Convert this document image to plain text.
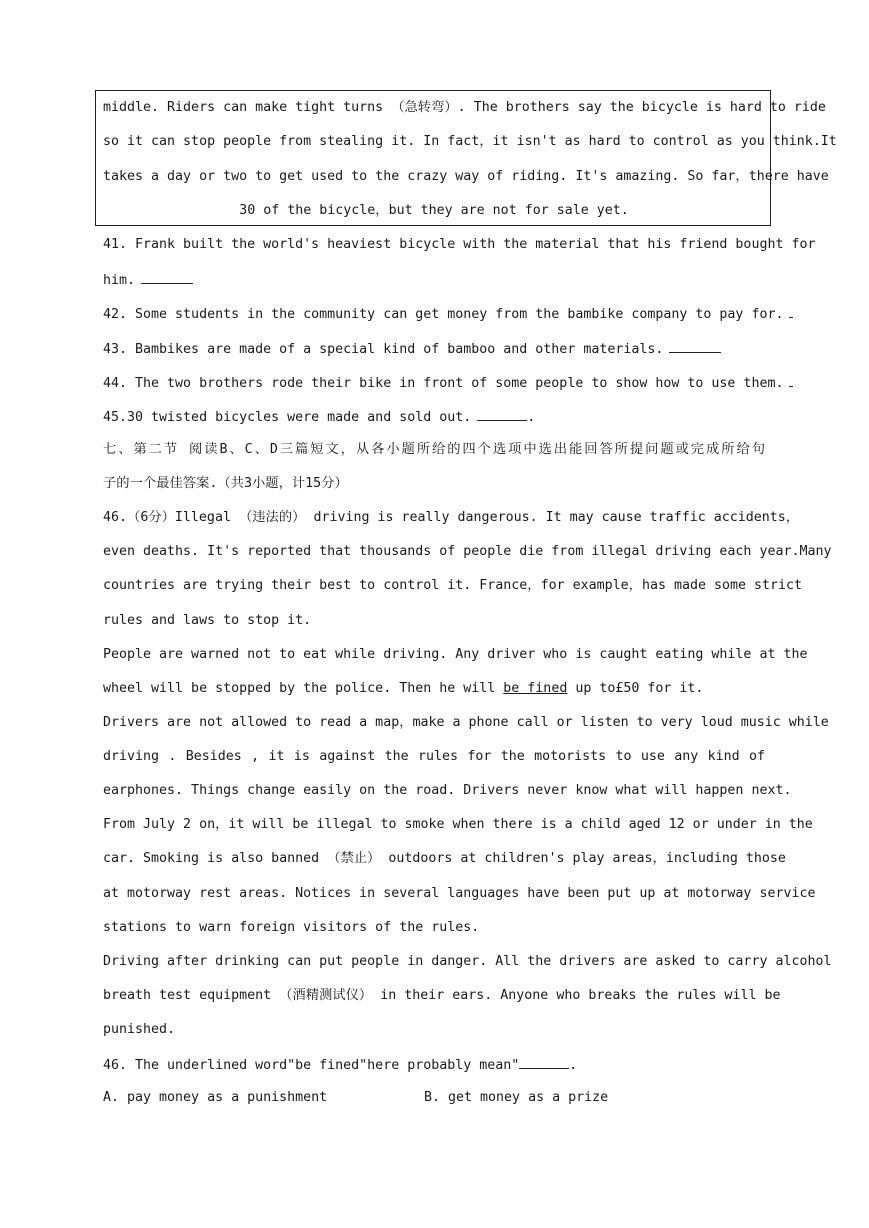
middle. Riders can make tight turns （急转弯）. The brothers say the bicycle is hard to ride
so it can stop people from stealing it. In fact，it isn't as hard to control as you think.It
takes a day or two to get used to the crazy way of riding. It's amazing. So far，there have
30 of the bicycle，but they are not for sale yet.
41. Frank built the world's heaviest bicycle with the material that his friend bought for
him.
42. Some students in the community can get money from the bambike company to pay for.
43. Bambikes are made of a special kind of bamboo and other materials.
44. The two brothers rode their bike in front of some people to show how to use them.
45.30 twisted bicycles were made and sold out.	.
七、第二节 阅读B、C、D三篇短文，从各小题所给的四个选项中选出能回答所提问题或完成所给句
子的一个最佳答案.（共3小题，计15分）
46.（6分）Illegal （违法的） driving is really dangerous. It may cause traffic accidents，
even deaths. It's reported that thousands of people die from illegal driving each year.Many
countries are trying their best to control it. France，for example，has made some strict
rules and laws to stop it.
People are warned not to eat while driving. Any driver who is caught eating while at the
wheel will be stopped by the police. Then he will be fined up to£50 for it.
Drivers are not allowed to read a map，make a phone call or listen to very loud music while
driving . Besides , it is against the rules for the motorists to use any kind of
earphones. Things change easily on the road. Drivers never know what will happen next.
From July 2 on，it will be illegal to smoke when there is a child aged 12 or under in the
car. Smoking is also banned （禁止） outdoors at children's play areas，including those
at motorway rest areas. Notices in several languages have been put up at motorway service
stations to warn foreign visitors of the rules.
Driving after drinking can put people in danger. All the drivers are asked to carry alcohol
breath test equipment （酒精测试仪） in their ears. Anyone who breaks the rules will be
punished.
46. The underlined word"be fined"here probably mean"	.
A. pay money as a punishment	B. get money as a prize
